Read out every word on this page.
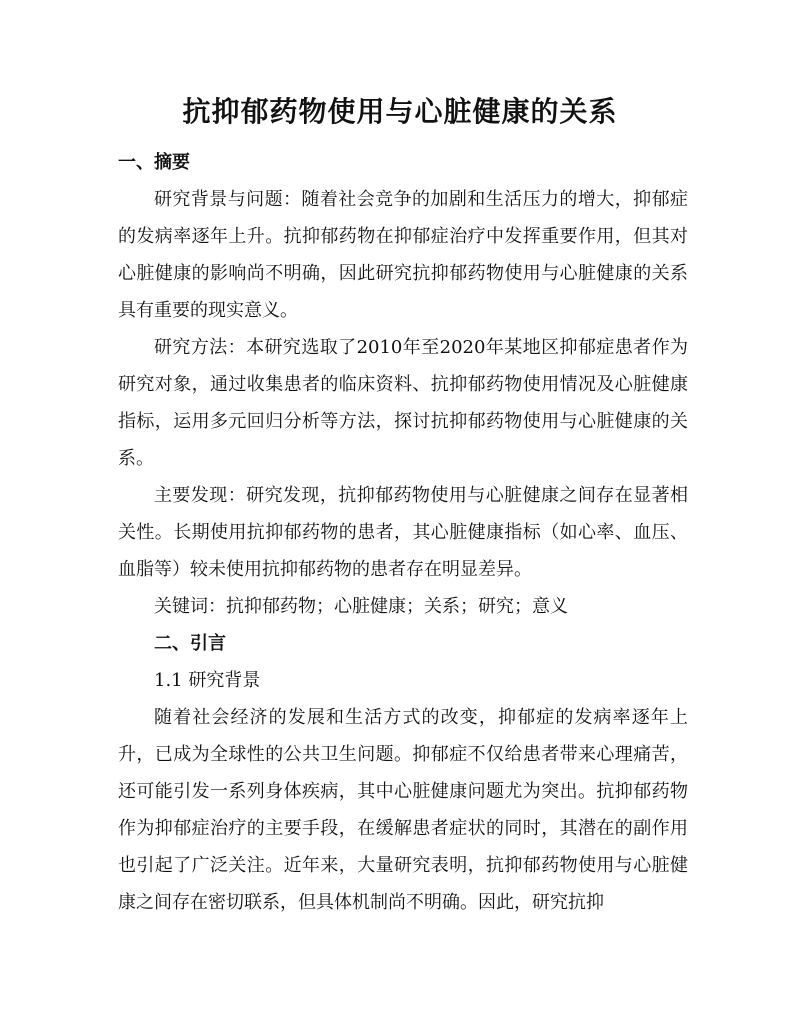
抗抑郁药物使用与心脏健康的关系
一、摘要
研究背景与问题：随着社会竞争的加剧和生活压力的增大，抑郁症的发病率逐年上升。抗抑郁药物在抑郁症治疗中发挥重要作用，但其对心脏健康的影响尚不明确，因此研究抗抑郁药物使用与心脏健康的关系具有重要的现实意义。
研究方法：本研究选取了2010年至2020年某地区抑郁症患者作为研究对象，通过收集患者的临床资料、抗抑郁药物使用情况及心脏健康指标，运用多元回归分析等方法，探讨抗抑郁药物使用与心脏健康的关系。
主要发现：研究发现，抗抑郁药物使用与心脏健康之间存在显著相关性。长期使用抗抑郁药物的患者，其心脏健康指标（如心率、血压、血脂等）较未使用抗抑郁药物的患者存在明显差异。
关键词：抗抑郁药物；心脏健康；关系；研究；意义
二、引言
1.1 研究背景
随着社会经济的发展和生活方式的改变，抑郁症的发病率逐年上升，已成为全球性的公共卫生问题。抑郁症不仅给患者带来心理痛苦，还可能引发一系列身体疾病，其中心脏健康问题尤为突出。抗抑郁药物作为抑郁症治疗的主要手段，在缓解患者症状的同时，其潜在的副作用也引起了广泛关注。近年来，大量研究表明，抗抑郁药物使用与心脏健康之间存在密切联系，但具体机制尚不明确。因此，研究抗抑
